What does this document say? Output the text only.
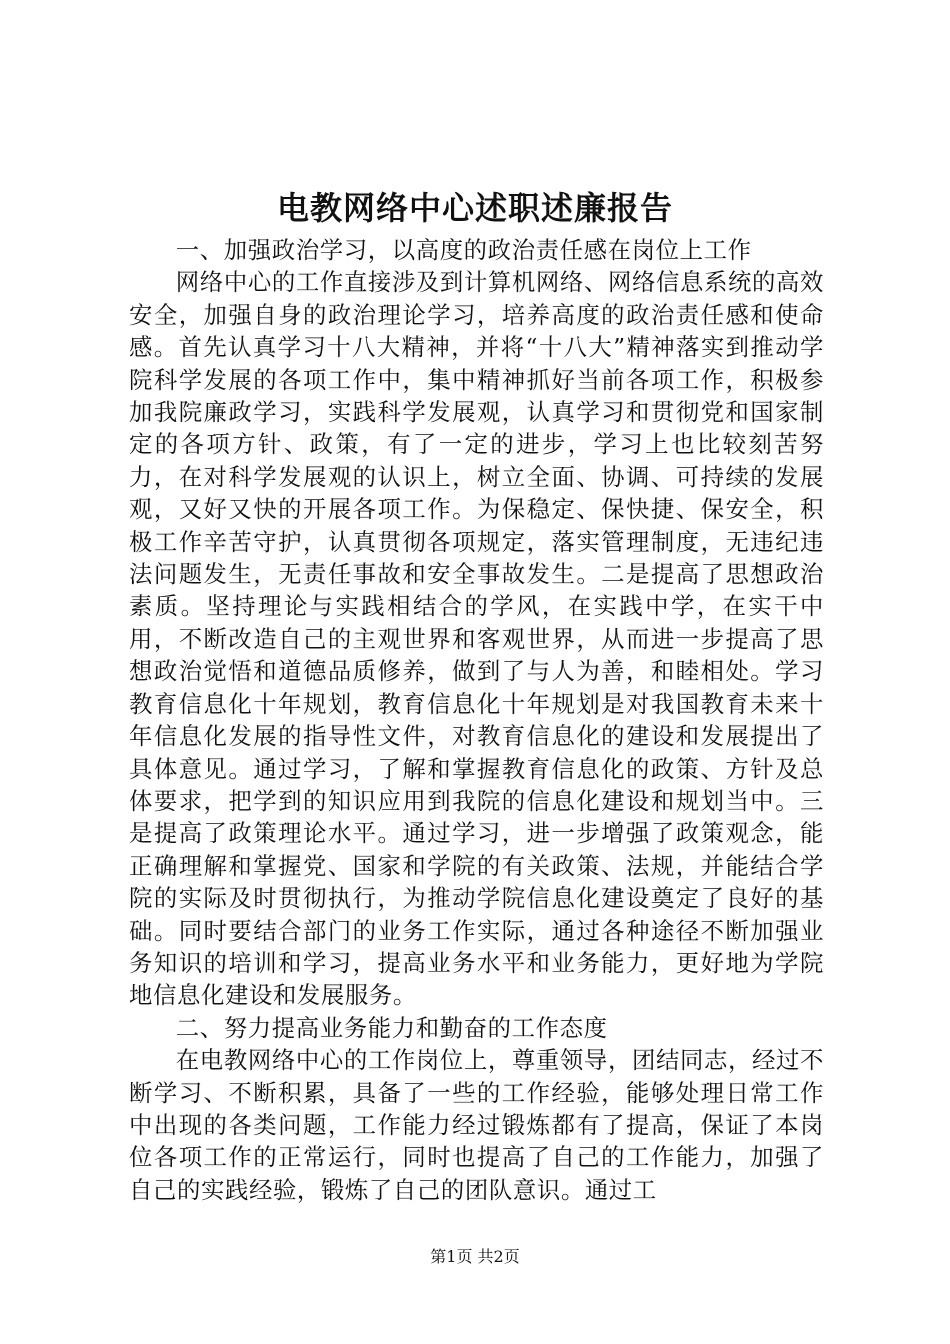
电教网络中心述职述廉报告

一、加强政治学习，以高度的政治责任感在岗位上工作

网络中心的工作直接涉及到计算机网络、网络信息系统的高效安全，加强自身的政治理论学习，培养高度的政治责任感和使命感。首先认真学习十八大精神，并将“十八大”精神落实到推动学院科学发展的各项工作中，集中精神抓好当前各项工作，积极参加我院廉政学习，实践科学发展观，认真学习和贯彻党和国家制定的各项方针、政策，有了一定的进步，学习上也比较刻苦努力，在对科学发展观的认识上，树立全面、协调、可持续的发展观，又好又快的开展各项工作。为保稳定、保快捷、保安全，积极工作辛苦守护，认真贯彻各项规定，落实管理制度，无违纪违法问题发生，无责任事故和安全事故发生。二是提高了思想政治素质。坚持理论与实践相结合的学风，在实践中学，在实干中用，不断改造自己的主观世界和客观世界，从而进一步提高了思想政治觉悟和道德品质修养，做到了与人为善，和睦相处。学习教育信息化十年规划，教育信息化十年规划是对我国教育未来十年信息化发展的指导性文件，对教育信息化的建设和发展提出了具体意见。通过学习，了解和掌握教育信息化的政策、方针及总体要求，把学到的知识应用到我院的信息化建设和规划当中。三是提高了政策理论水平。通过学习，进一步增强了政策观念，能正确理解和掌握党、国家和学院的有关政策、法规，并能结合学院的实际及时贯彻执行，为推动学院信息化建设奠定了良好的基础。同时要结合部门的业务工作实际，通过各种途径不断加强业务知识的培训和学习，提高业务水平和业务能力，更好地为学院地信息化建设和发展服务。

二、努力提高业务能力和勤奋的工作态度

在电教网络中心的工作岗位上，尊重领导，团结同志，经过不断学习、不断积累，具备了一些的工作经验，能够处理日常工作中出现的各类问题，工作能力经过锻炼都有了提高，保证了本岗位各项工作的正常运行，同时也提高了自己的工作能力，加强了自己的实践经验，锻炼了自己的团队意识。通过工

第1页 共2页
